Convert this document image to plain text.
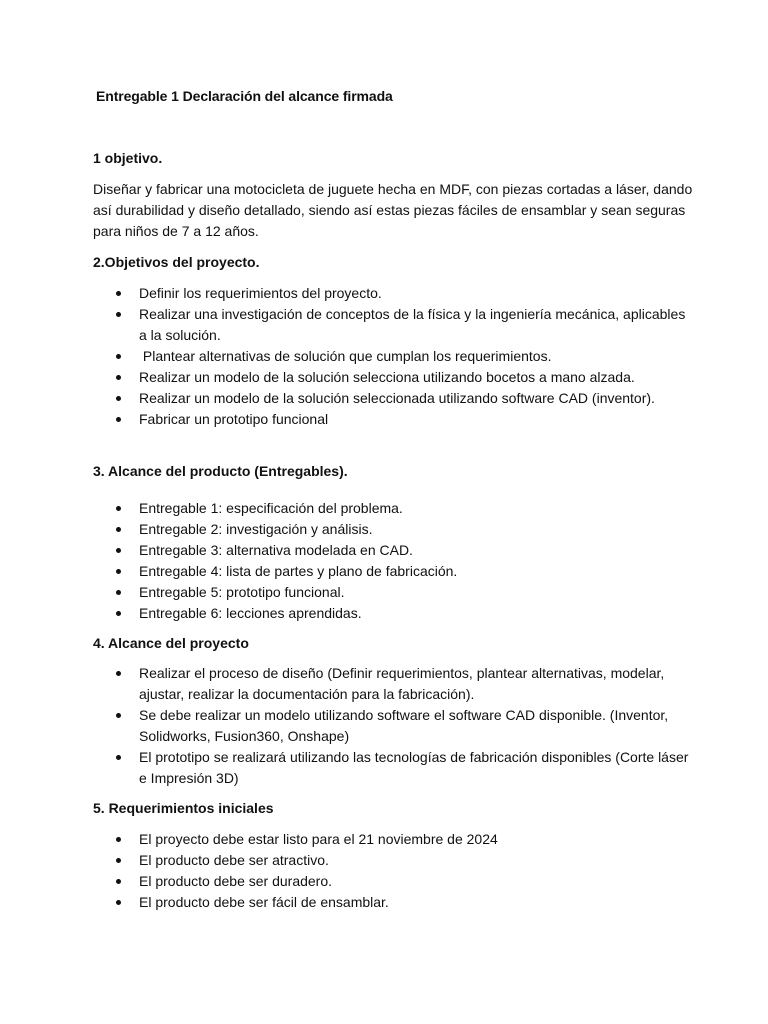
Entregable 1 Declaración del alcance firmada

1 objetivo.

Diseñar y fabricar una motocicleta de juguete hecha en MDF, con piezas cortadas a láser, dando así durabilidad y diseño detallado, siendo así estas piezas fáciles de ensamblar y sean seguras para niños de 7 a 12 años.

2.Objetivos del proyecto.

Definir los requerimientos del proyecto.
Realizar una investigación de conceptos de la física y la ingeniería mecánica, aplicables a la solución.
Plantear alternativas de solución que cumplan los requerimientos.
Realizar un modelo de la solución selecciona utilizando bocetos a mano alzada.
Realizar un modelo de la solución seleccionada utilizando software CAD (inventor).
Fabricar un prototipo funcional

3. Alcance del producto (Entregables).

Entregable 1: especificación del problema.
Entregable 2: investigación y análisis.
Entregable 3: alternativa modelada en CAD.
Entregable 4: lista de partes y plano de fabricación.
Entregable 5: prototipo funcional.
Entregable 6: lecciones aprendidas.

4. Alcance del proyecto

Realizar el proceso de diseño (Definir requerimientos, plantear alternativas, modelar, ajustar, realizar la documentación para la fabricación).
Se debe realizar un modelo utilizando software el software CAD disponible. (Inventor, Solidworks, Fusion360, Onshape)
El prototipo se realizará utilizando las tecnologías de fabricación disponibles (Corte láser e Impresión 3D)

5. Requerimientos iniciales

El proyecto debe estar listo para el 21 noviembre de 2024
El producto debe ser atractivo.
El producto debe ser duradero.
El producto debe ser fácil de ensamblar.
